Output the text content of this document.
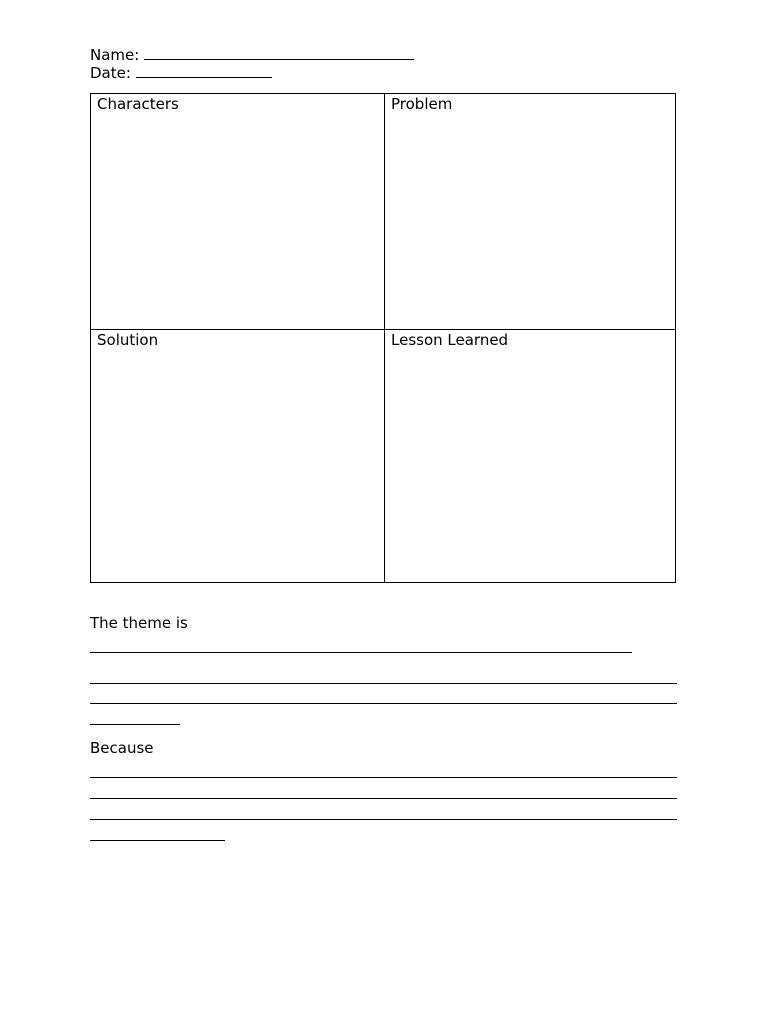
Name:
Date:
Characters	Problem
Solution	Lesson Learned
The theme is
Because
